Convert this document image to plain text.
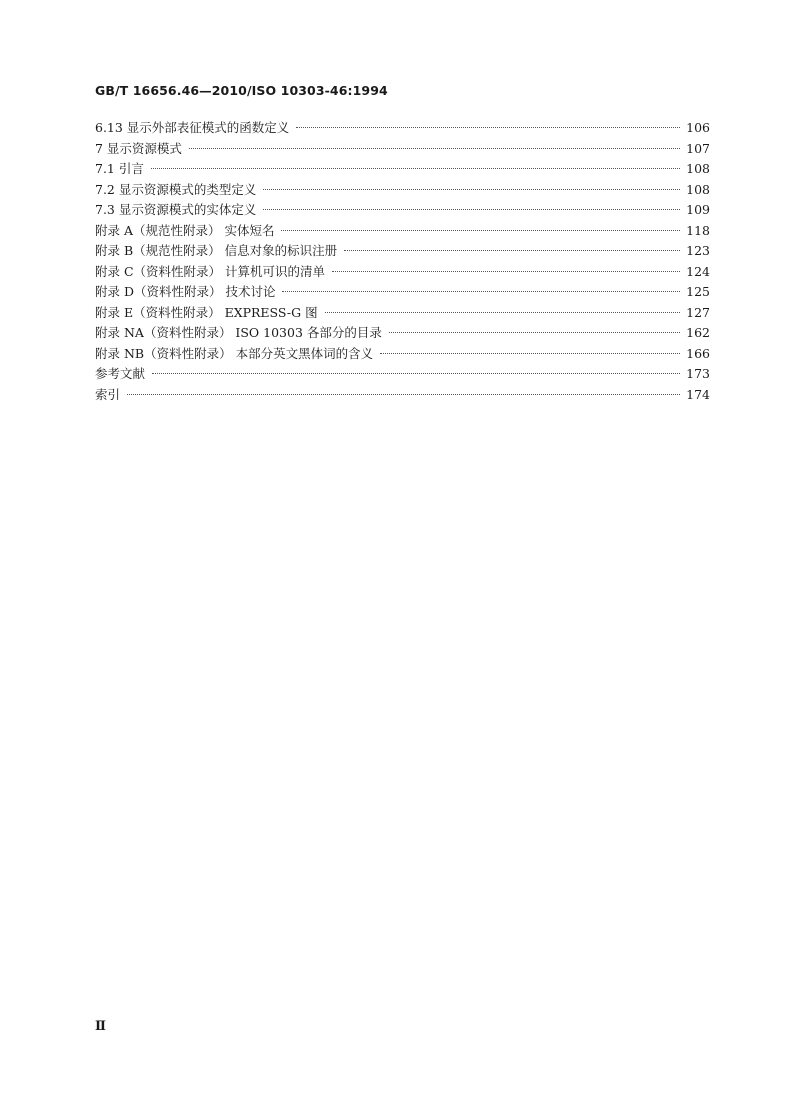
GB/T 16656.46—2010/ISO 10303-46:1994
6.13 显示外部表征模式的函数定义	106
7 显示资源模式	107
7.1 引言	108
7.2 显示资源模式的类型定义	108
7.3 显示资源模式的实体定义	109
附录 A（规范性附录） 实体短名	118
附录 B（规范性附录） 信息对象的标识注册	123
附录 C（资料性附录） 计算机可识的清单	124
附录 D（资料性附录） 技术讨论	125
附录 E（资料性附录） EXPRESS-G 图	127
附录 NA（资料性附录） ISO 10303 各部分的目录	162
附录 NB（资料性附录） 本部分英文黑体词的含义	166
参考文献	173
索引	174
Ⅱ
